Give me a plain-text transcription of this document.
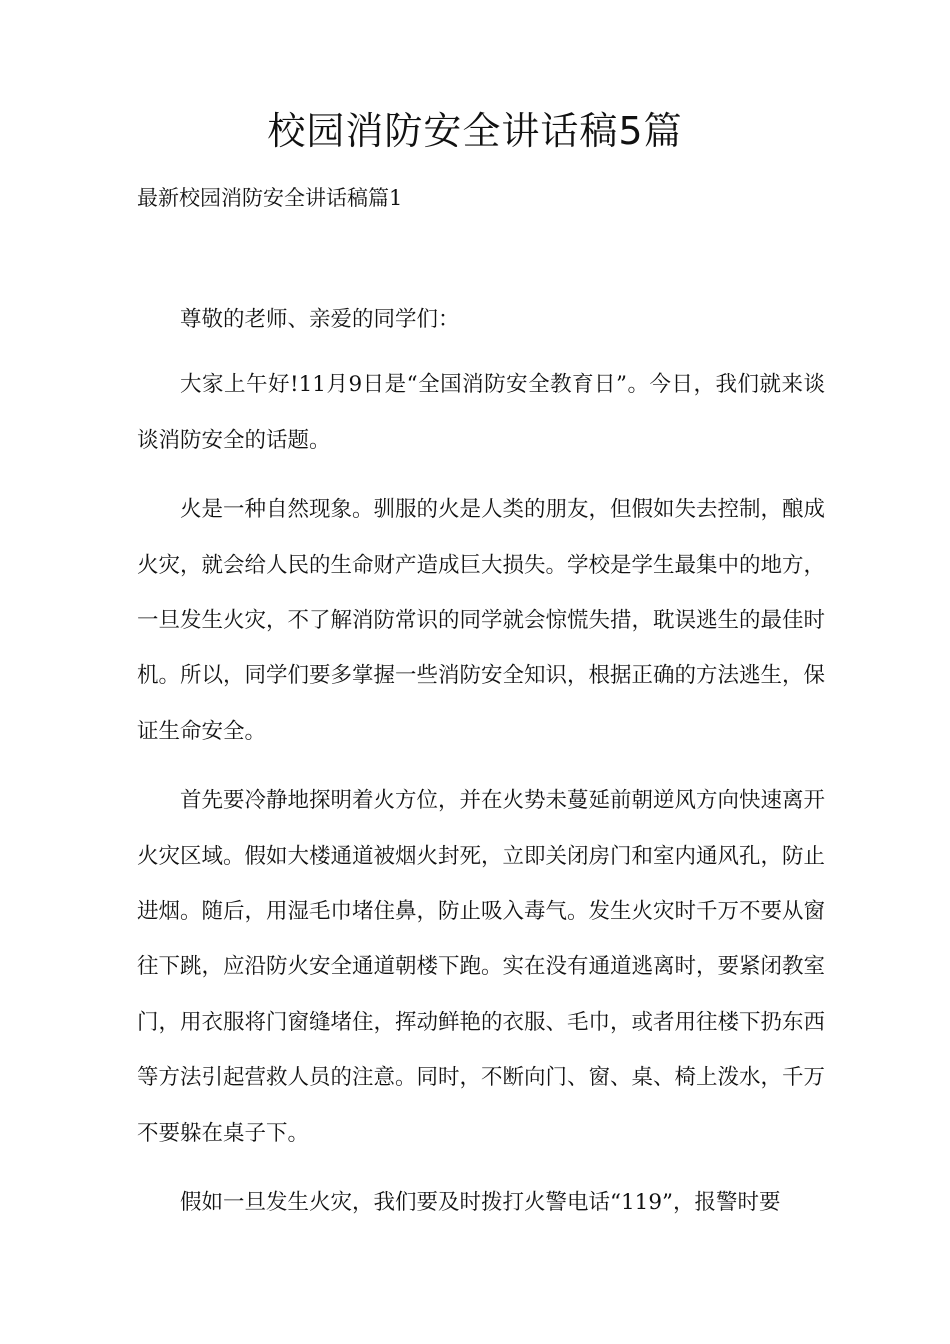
校园消防安全讲话稿5篇
最新校园消防安全讲话稿篇1

尊敬的老师、亲爱的同学们：

大家上午好!11月9日是“全国消防安全教育日”。今日，我们就来谈谈消防安全的话题。

火是一种自然现象。驯服的火是人类的朋友，但假如失去控制，酿成火灾，就会给人民的生命财产造成巨大损失。学校是学生最集中的地方，一旦发生火灾，不了解消防常识的同学就会惊慌失措，耽误逃生的最佳时机。所以，同学们要多掌握一些消防安全知识，根据正确的方法逃生，保证生命安全。

首先要冷静地探明着火方位，并在火势未蔓延前朝逆风方向快速离开火灾区域。假如大楼通道被烟火封死，立即关闭房门和室内通风孔，防止进烟。随后，用湿毛巾堵住鼻，防止吸入毒气。发生火灾时千万不要从窗往下跳，应沿防火安全通道朝楼下跑。实在没有通道逃离时，要紧闭教室门，用衣服将门窗缝堵住，挥动鲜艳的衣服、毛巾，或者用往楼下扔东西等方法引起营救人员的注意。同时，不断向门、窗、桌、椅上泼水，千万不要躲在桌子下。

假如一旦发生火灾，我们要及时拨打火警电话“119”，报警时要
